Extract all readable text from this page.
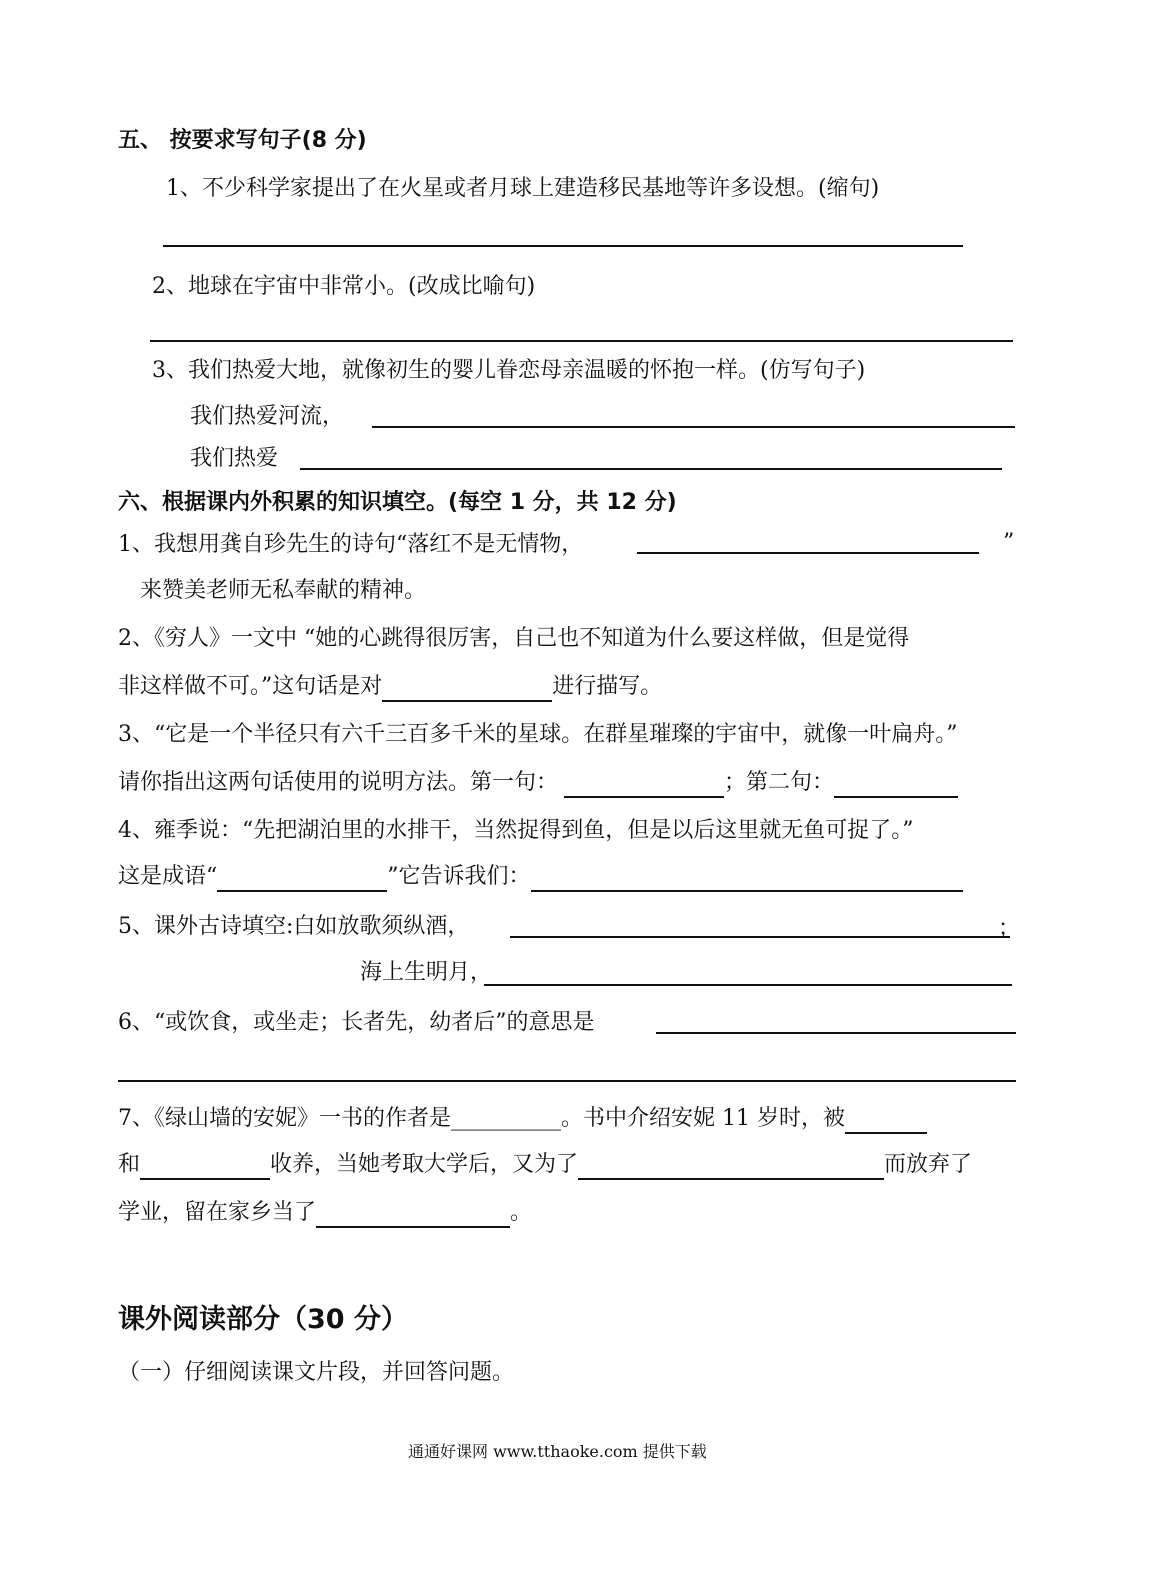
五、 按要求写句子(8 分)
1、不少科学家提出了在火星或者月球上建造移民基地等许多设想。(缩句)
2、地球在宇宙中非常小。(改成比喻句)
3、我们热爱大地，就像初生的婴儿眷恋母亲温暖的怀抱一样。(仿写句子)
我们热爱河流，
我们热爱
六、根据课内外积累的知识填空。(每空 1 分，共 12 分)
1、我想用龚自珍先生的诗句“落红不是无情物，	”
来赞美老师无私奉献的精神。
2、《穷人》一文中 “她的心跳得很厉害，自己也不知道为什么要这样做，但是觉得
非这样做不可。”这句话是对	进行描写。
3、“它是一个半径只有六千三百多千米的星球。在群星璀璨的宇宙中，就像一叶扁舟。”
请你指出这两句话使用的说明方法。第一句：	；第二句：
4、雍季说：“先把湖泊里的水排干，当然捉得到鱼，但是以后这里就无鱼可捉了。”
这是成语“	”它告诉我们：
5、课外古诗填空:白如放歌须纵酒，	；
海上生明月，
6、“或饮食，或坐走；长者先，幼者后”的意思是
7、《绿山墙的安妮》一书的作者是__________。书中介绍安妮 11 岁时，被
和	收养，当她考取大学后，又为了	而放弃了
学业，留在家乡当了	。
课外阅读部分（30 分）
（一）仔细阅读课文片段，并回答问题。
通通好课网 www.tthaoke.com 提供下载
